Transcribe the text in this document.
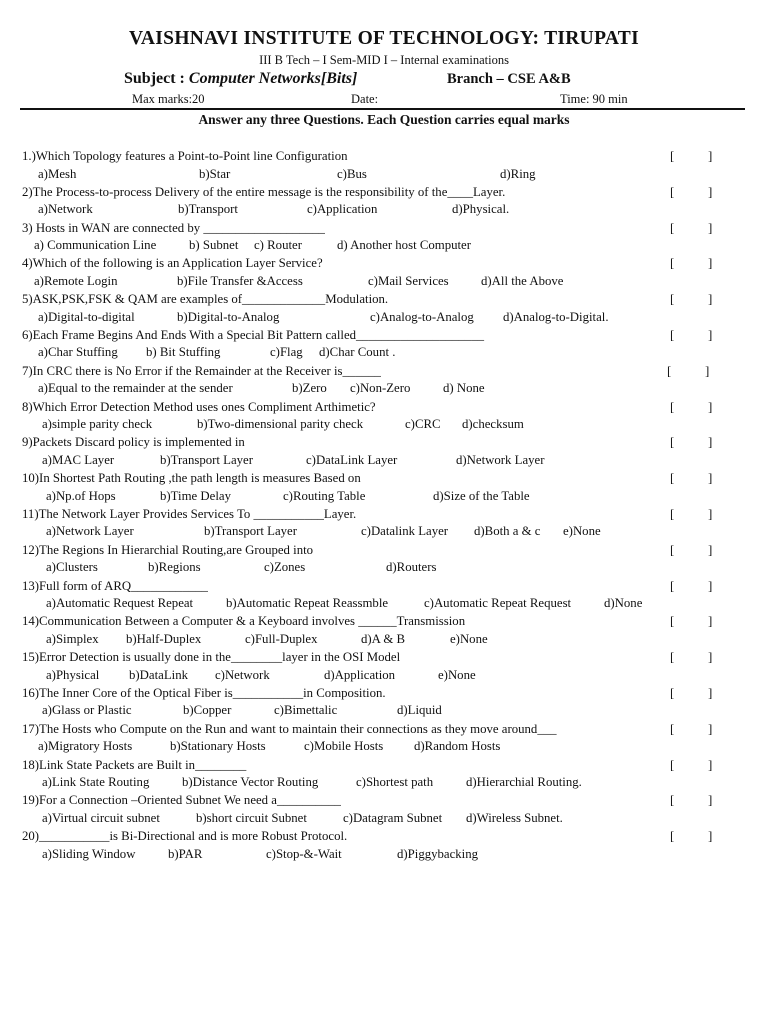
VAISHNAVI INSTITUTE OF TECHNOLOGY: TIRUPATI
III B Tech – I Sem-MID I – Internal examinations
Subject : Computer Networks[Bits]	Branch – CSE A&B
Max marks:20	Date:	Time: 90 min
Answer any three Questions. Each Question carries equal marks
1.)Which Topology features a Point-to-Point line Configuration	[	]
a)Mesh	b)Star	c)Bus	d)Ring
2)The Process-to-process Delivery of the entire message is the responsibility of the____Layer.	[	]
a)Network	b)Transport	c)Application	d)Physical.
3) Hosts in WAN are connected by ___________________	[	]
a) Communication Line	b) Subnet c) Router	d) Another host Computer
4)Which of the following is an Application Layer Service?	[	]
a)Remote Login	b)File Transfer &Access	c)Mail Services	d)All the Above
5)ASK,PSK,FSK & QAM are examples of_____________Modulation.	[	]
a)Digital-to-digital	b)Digital-to-Analog	c)Analog-to-Analog d)Analog-to-Digital.
6)Each Frame Begins And Ends With a Special Bit Pattern called____________________	[	]
a)Char Stuffing b) Bit Stuffing	c)Flag d)Char Count .
7)In CRC there is No Error if the Remainder at the Receiver is______	[	]
a)Equal to the remainder at the sender	b)Zero c)Non-Zero	d) None
8)Which Error Detection Method uses ones Compliment Arthimetic?	[	]
a)simple parity check	b)Two-dimensional parity check	c)CRC d)checksum
9)Packets Discard policy is implemented in	[	]
a)MAC Layer	b)Transport Layer	c)DataLink Layer	d)Network Layer
10)In Shortest Path Routing ,the path length is measures Based on	[	]
a)Np.of Hops	b)Time Delay	c)Routing Table	d)Size of the Table
11)The Network Layer Provides Services To ___________Layer.	[	]
a)Network Layer	b)Transport Layer	c)Datalink Layer d)Both a & c e)None
12)The Regions In Hierarchial Routing,are Grouped into	[	]
a)Clusters	b)Regions	c)Zones	d)Routers
13)Full form of ARQ____________	[	]
a)Automatic Request Repeat	b)Automatic Repeat Reassmble	c)Automatic Repeat Request	d)None
14)Communication Between a Computer & a Keyboard involves ______Transmission	[	]
a)Simplex b)Half-Duplex	c)Full-Duplex	d)A & B	e)None
15)Error Detection is usually done in the________layer in the OSI Model	[	]
a)Physical b)DataLink c)Network	d)Application	e)None
16)The Inner Core of the Optical Fiber is___________in Composition.	[	]
a)Glass or Plastic	b)Copper	c)Bimettalic	d)Liquid
17)The Hosts who Compute on the Run and want to maintain their connections as they move around___	[	]
a)Migratory Hosts	b)Stationary Hosts	c)Mobile Hosts d)Random Hosts
18)Link State Packets are Built in________	[	]
a)Link State Routing	b)Distance Vector Routing	c)Shortest path	d)Hierarchial Routing.
19)For a Connection –Oriented Subnet We need a__________	[	]
a)Virtual circuit subnet	b)short circuit Subnet	c)Datagram Subnet d)Wireless Subnet.
20)___________is Bi-Directional and is more Robust Protocol.	[	]
a)Sliding Window	b)PAR	c)Stop-&-Wait	d)Piggybacking
